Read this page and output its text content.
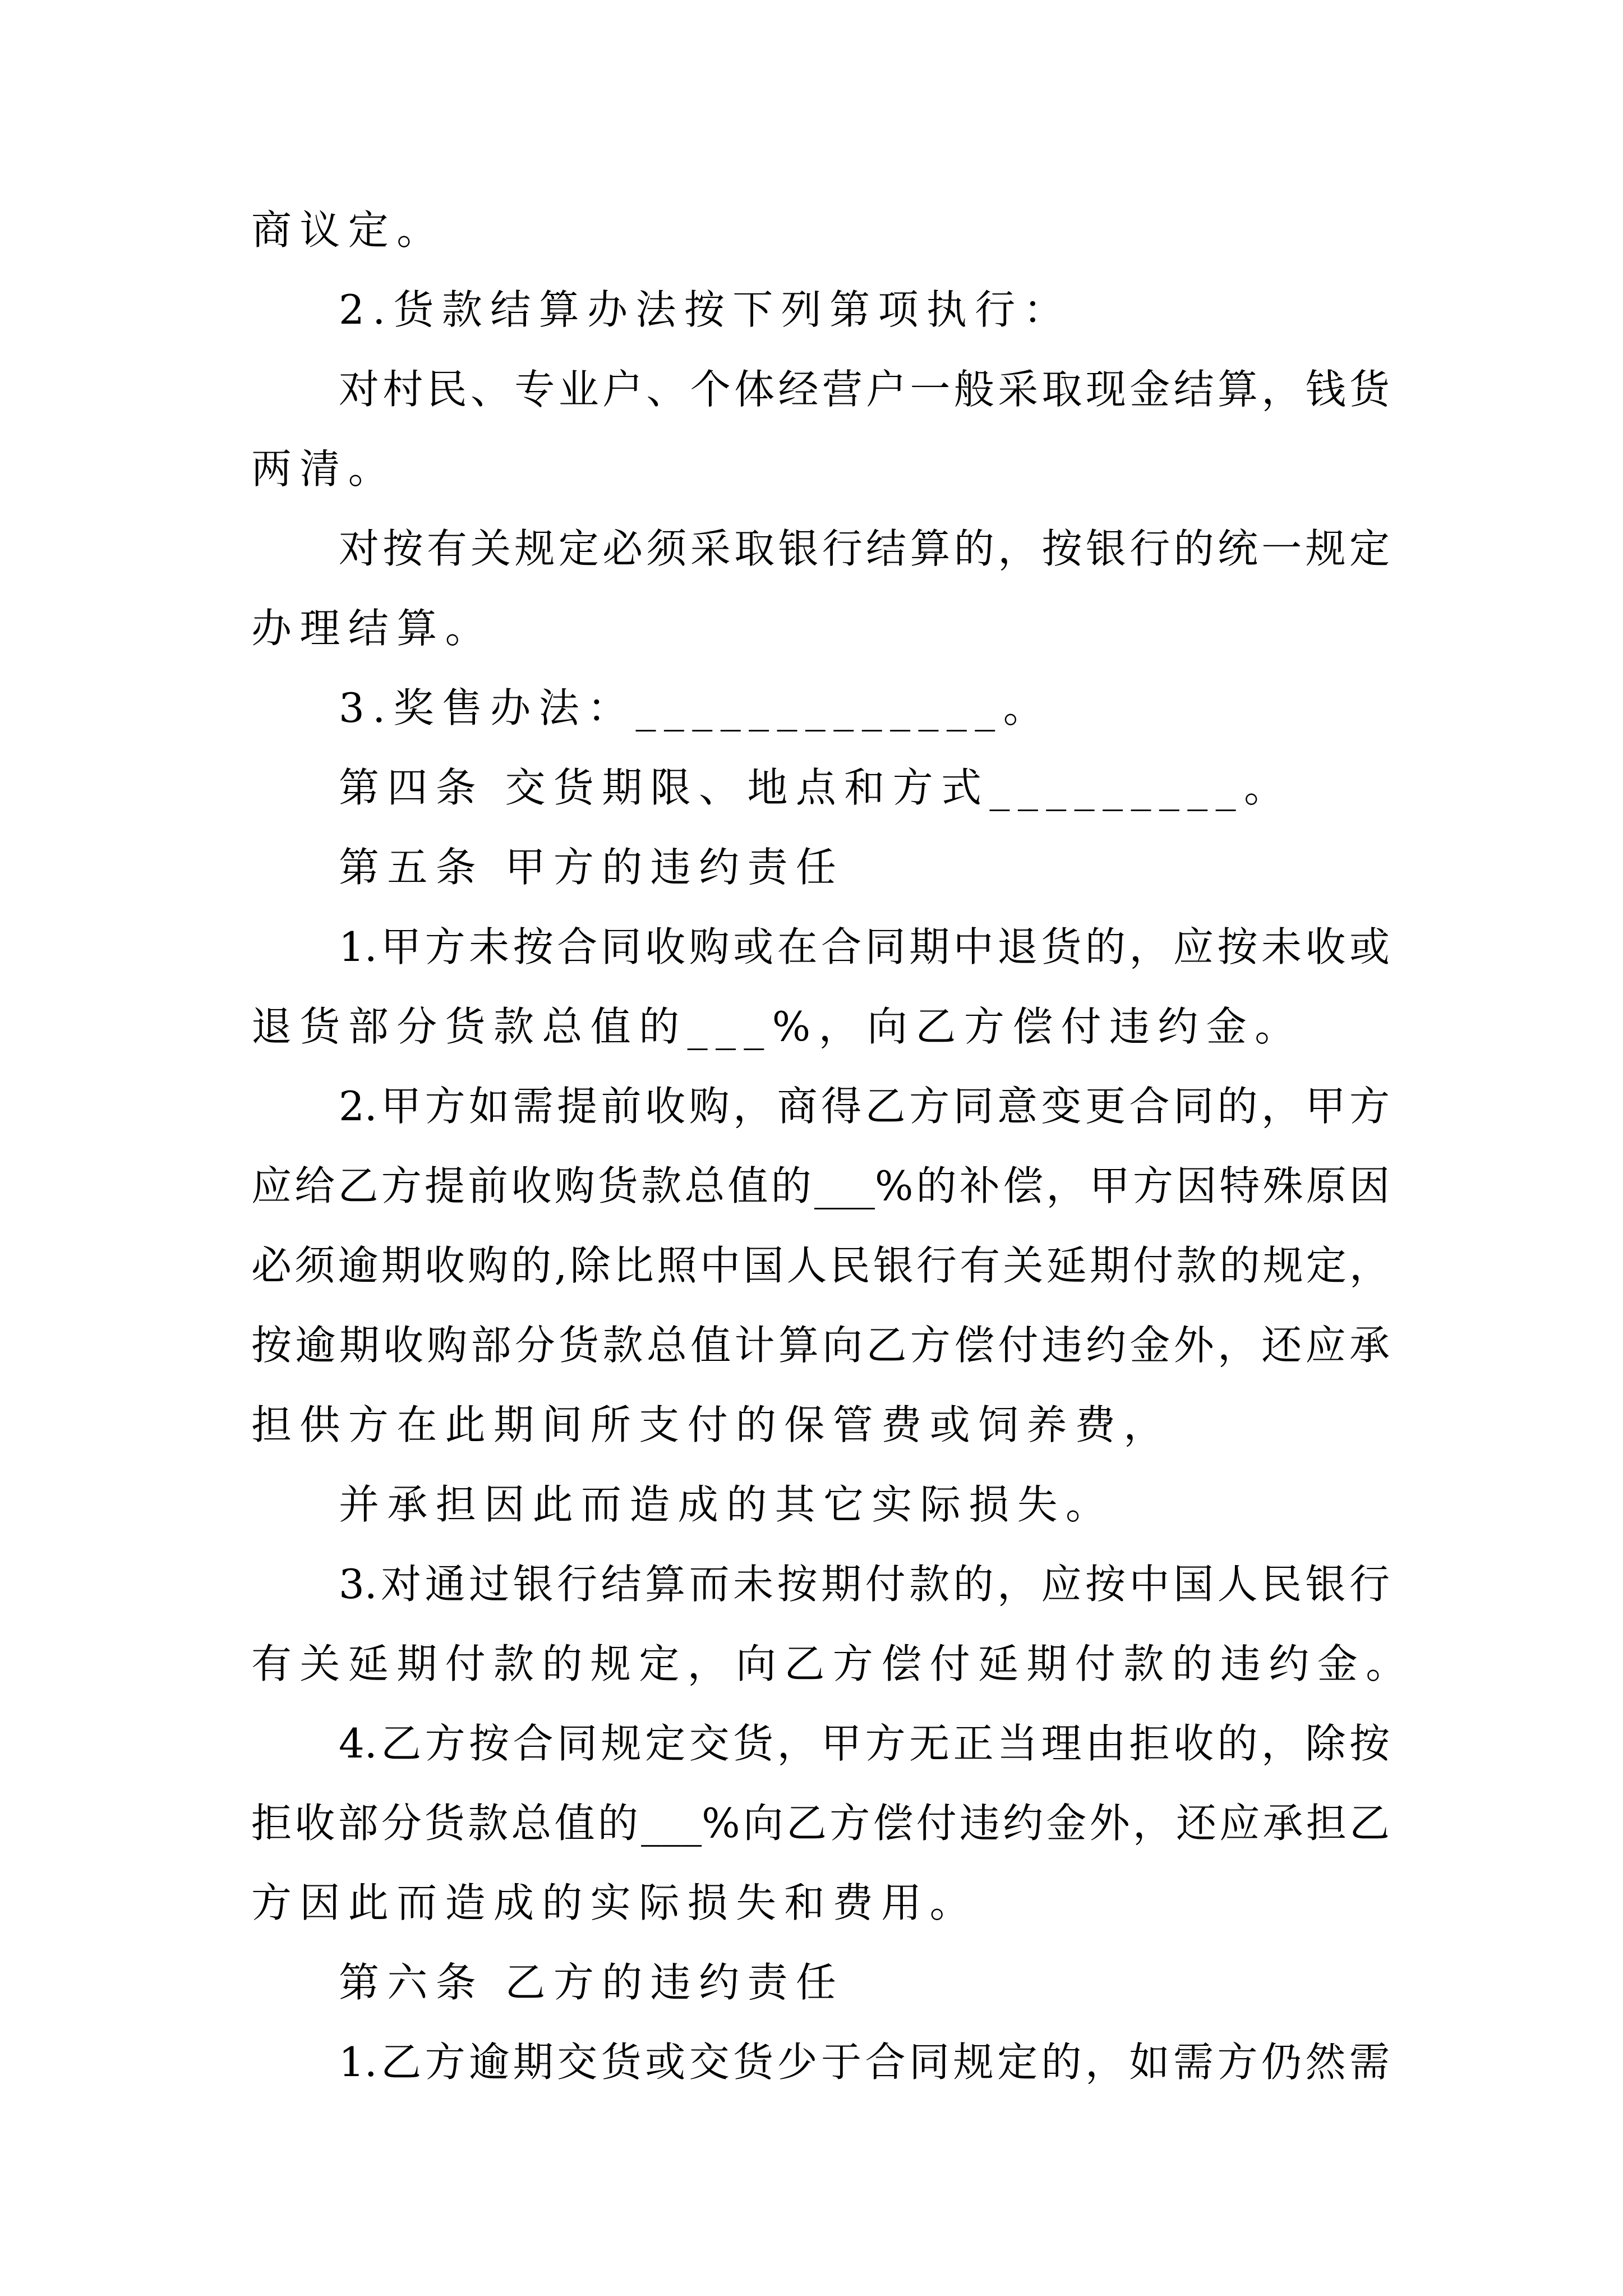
商议定。
2.货款结算办法按下列第项执行：
对村民、专业户、个体经营户一般采取现金结算，钱货
两清。
对按有关规定必须采取银行结算的，按银行的统一规定
办理结算。
3.奖售办法：_____________。
第四条 交货期限、地点和方式_________。
第五条 甲方的违约责任
1.甲方未按合同收购或在合同期中退货的，应按未收或
退货部分货款总值的___%，向乙方偿付违约金。
2.甲方如需提前收购，商得乙方同意变更合同的，甲方
应给乙方提前收购货款总值的___%的补偿，甲方因特殊原因
必须逾期收购的,除比照中国人民银行有关延期付款的规定，
按逾期收购部分货款总值计算向乙方偿付违约金外，还应承
担供方在此期间所支付的保管费或饲养费，
并承担因此而造成的其它实际损失。
3.对通过银行结算而未按期付款的，应按中国人民银行
有关延期付款的规定，向乙方偿付延期付款的违约金。
4.乙方按合同规定交货，甲方无正当理由拒收的，除按
拒收部分货款总值的___%向乙方偿付违约金外，还应承担乙
方因此而造成的实际损失和费用。
第六条 乙方的违约责任
1.乙方逾期交货或交货少于合同规定的，如需方仍然需
